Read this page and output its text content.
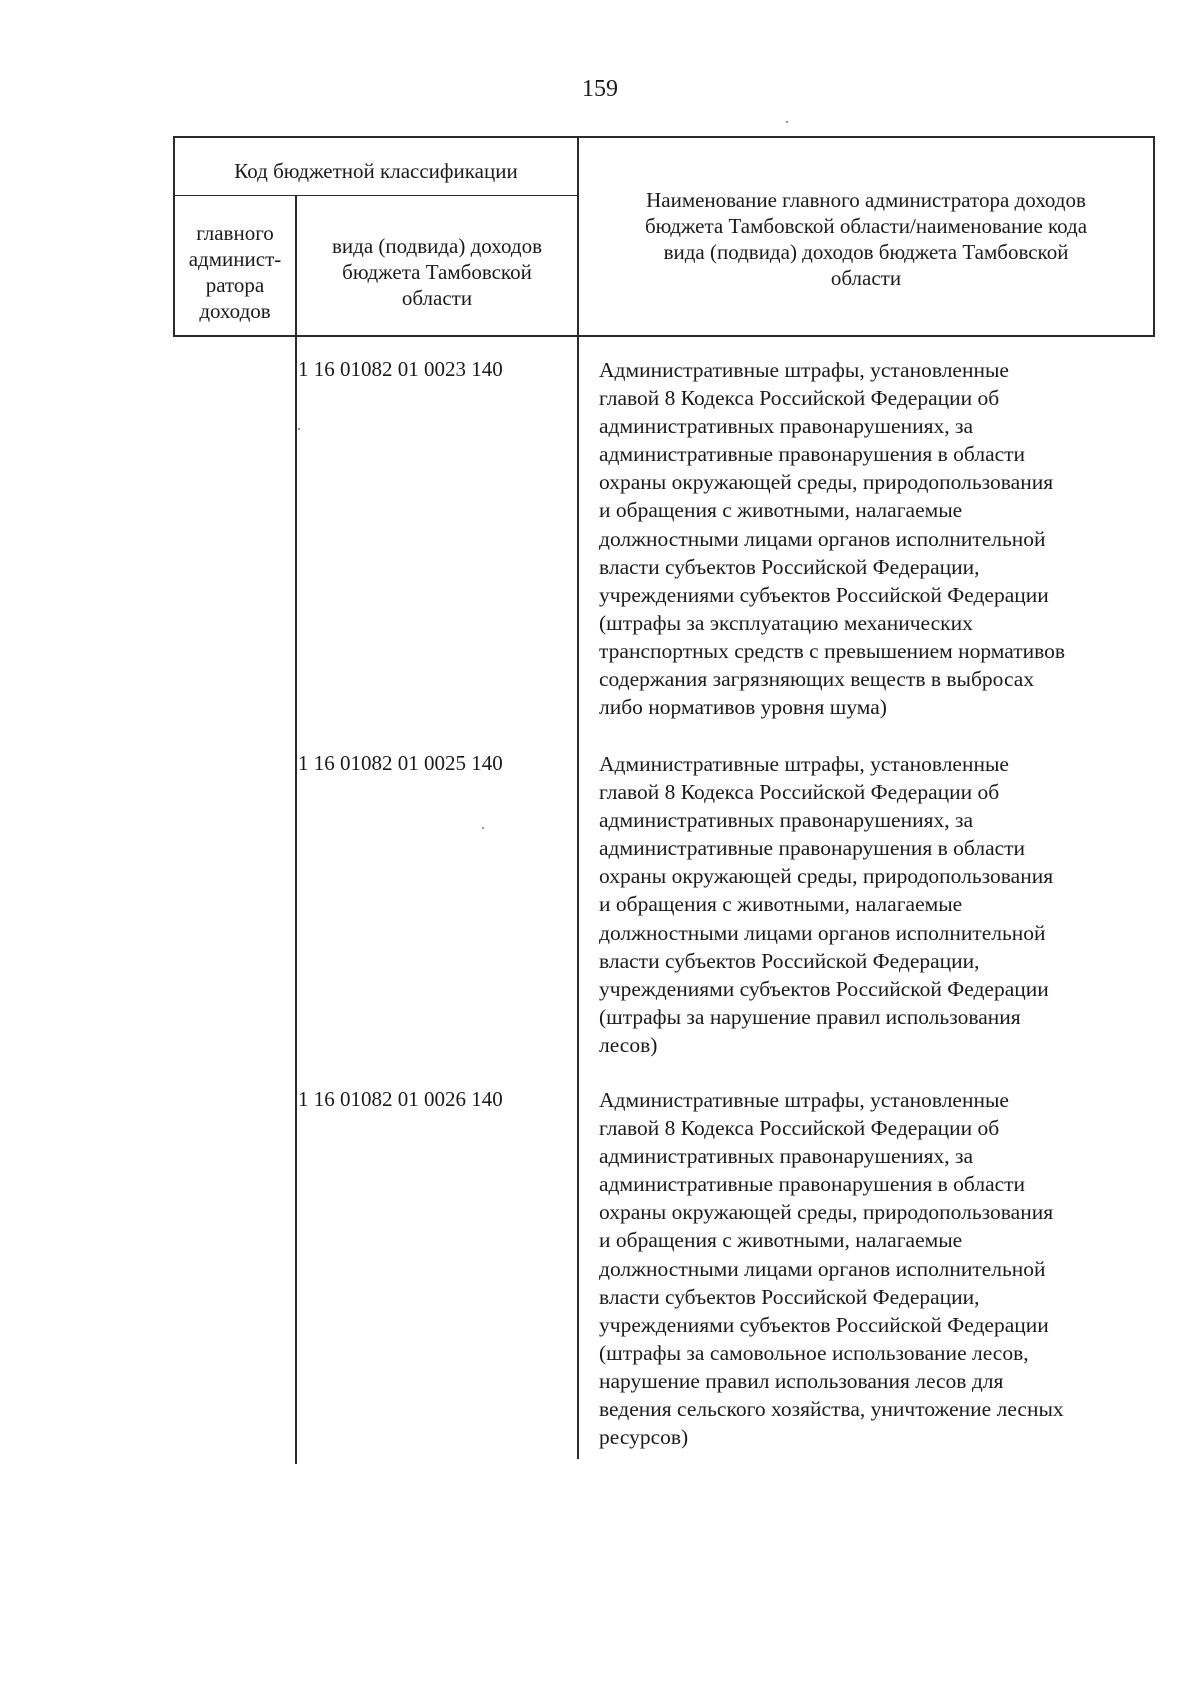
159
Код бюджетной классификации
главного
админист-
ратора
доходов
вида (подвида) доходов
бюджета Тамбовской
области
Наименование главного администратора доходов
бюджета Тамбовской области/наименование кода
вида (подвида) доходов бюджета Тамбовской
области
1 16 01082 01 0023 140	Административные штрафы, установленные
главой 8 Кодекса Российской Федерации об
административных правонарушениях, за
административные правонарушения в области
охраны окружающей среды, природопользования
и обращения с животными, налагаемые
должностными лицами органов исполнительной
власти субъектов Российской Федерации,
учреждениями субъектов Российской Федерации
(штрафы за эксплуатацию механических
транспортных средств с превышением нормативов
содержания загрязняющих веществ в выбросах
либо нормативов уровня шума)
1 16 01082 01 0025 140	Административные штрафы, установленные
главой 8 Кодекса Российской Федерации об
административных правонарушениях, за
административные правонарушения в области
охраны окружающей среды, природопользования
и обращения с животными, налагаемые
должностными лицами органов исполнительной
власти субъектов Российской Федерации,
учреждениями субъектов Российской Федерации
(штрафы за нарушение правил использования
лесов)
1 16 01082 01 0026 140	Административные штрафы, установленные
главой 8 Кодекса Российской Федерации об
административных правонарушениях, за
административные правонарушения в области
охраны окружающей среды, природопользования
и обращения с животными, налагаемые
должностными лицами органов исполнительной
власти субъектов Российской Федерации,
учреждениями субъектов Российской Федерации
(штрафы за самовольное использование лесов,
нарушение правил использования лесов для
ведения сельского хозяйства, уничтожение лесных
ресурсов)
